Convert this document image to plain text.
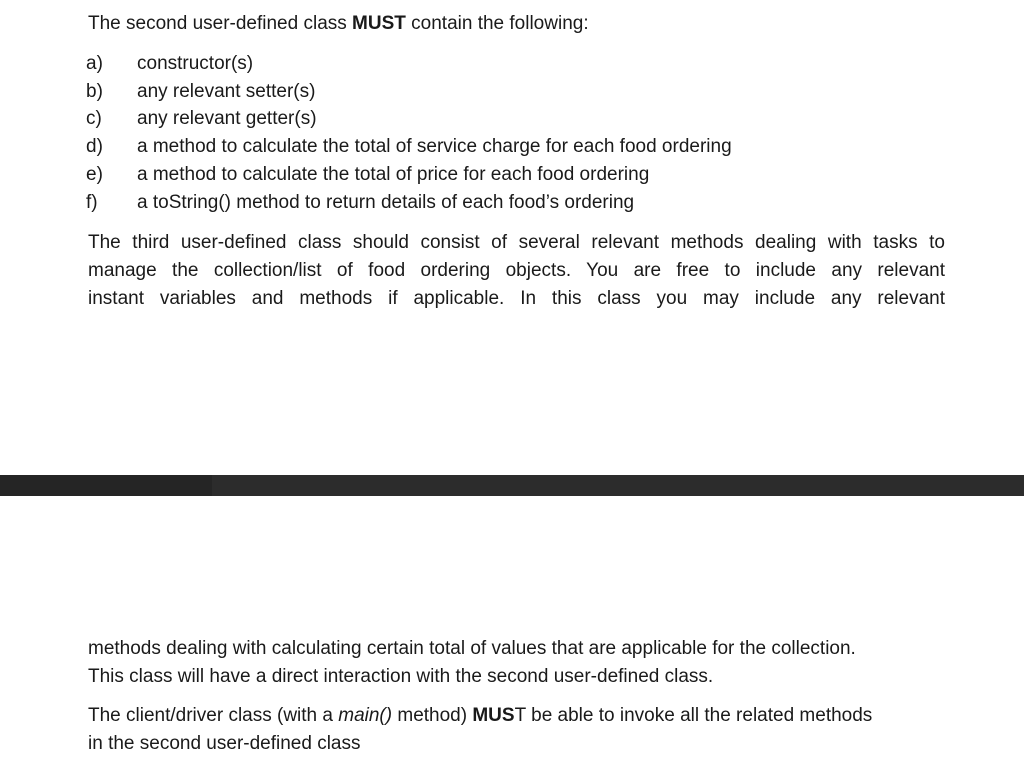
The second user-defined class MUST contain the following:
a) constructor(s)
b) any relevant setter(s)
c) any relevant getter(s)
d) a method to calculate the total of service charge for each food ordering
e) a method to calculate the total of price for each food ordering
f) a toString() method to return details of each food’s ordering
The third user-defined class should consist of several relevant methods dealing with tasks to
manage the collection/list of food ordering objects. You are free to include any relevant
instant variables and methods if applicable. In this class you may include any relevant
methods dealing with calculating certain total of values that are applicable for the collection.
This class will have a direct interaction with the second user-defined class.
The client/driver class (with a main() method) MUST be able to invoke all the related methods
in the second user-defined class
